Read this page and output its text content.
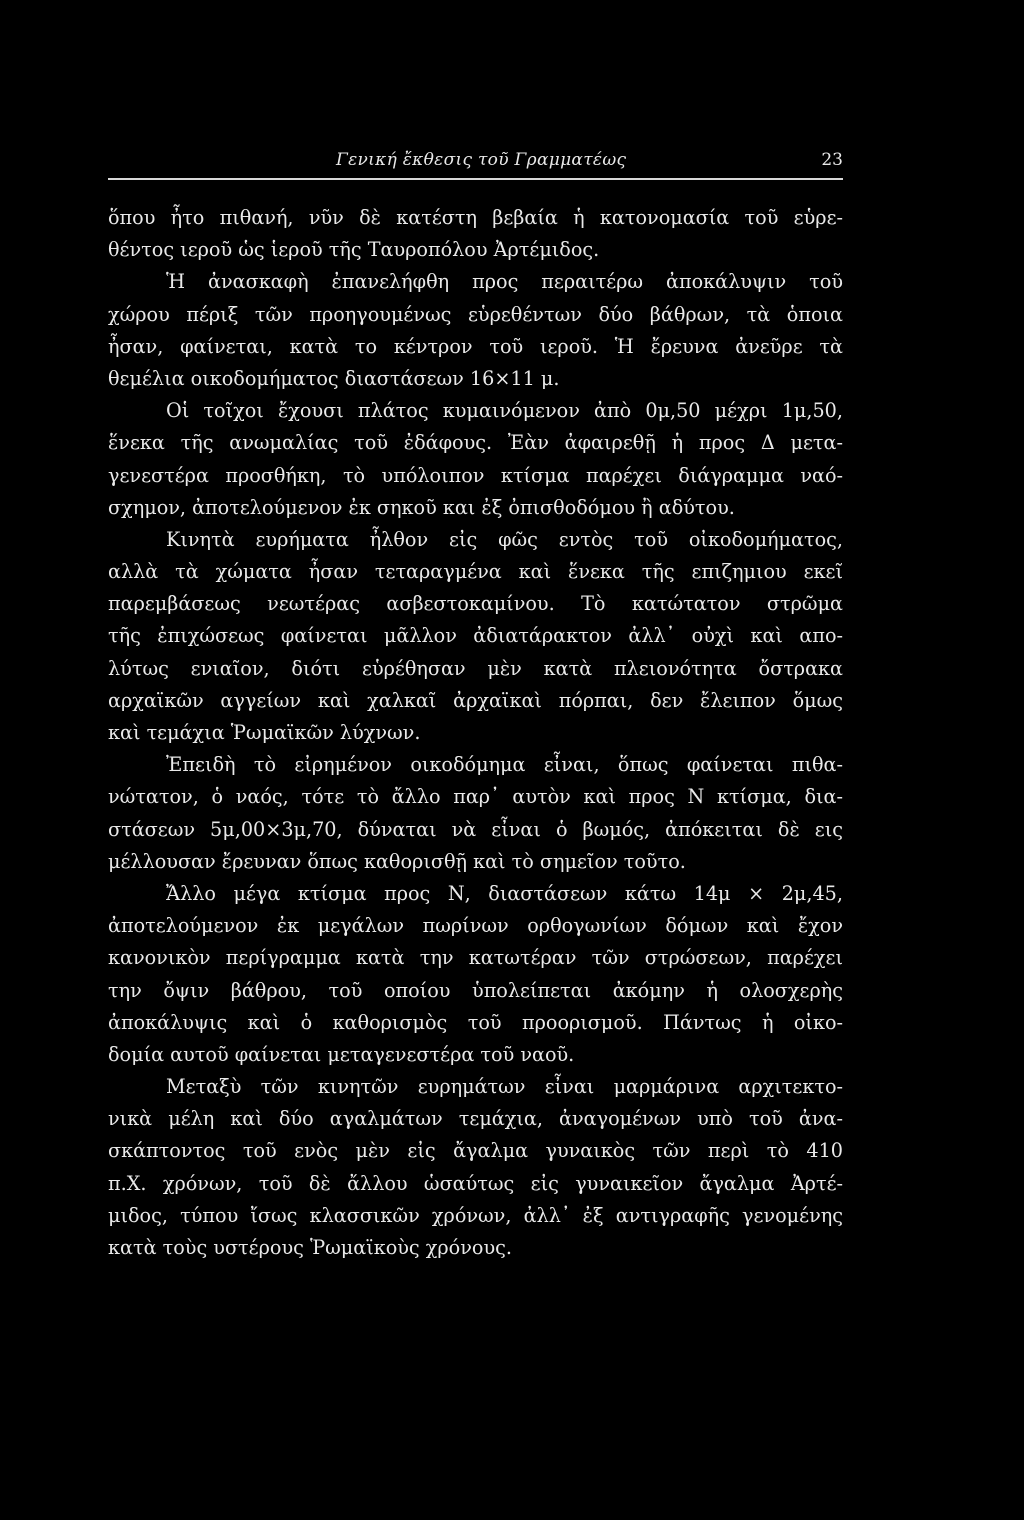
Γενική ἔκθεσις τοῦ Γραμματέως	23
ὅπου ἦτο πιθανή, νῦν δὲ κατέστη βεβαία ἡ κατονομασία τοῦ εὑρε-
θέντος ιεροῦ ὡς ἱεροῦ τῆς Ταυροπόλου Ἀρτέμιδος.
Ἡ ἀνασκαφὴ ἐπανελήφθη προς περαιτέρω ἀποκάλυψιν τοῦ
χώρου πέριξ τῶν προηγουμένως εὑρεθέντων δύο βάθρων, τὰ ὁποια
ἦσαν, φαίνεται, κατὰ το κέντρον τοῦ ιεροῦ. Ἡ ἔρευνα ἀνεῦρε τὰ
θεμέλια οικοδομήματος διαστάσεων 16×11 μ.
Οἱ τοῖχοι ἔχουσι πλάτος κυμαινόμενον ἀπὸ 0μ,50 μέχρι 1μ,50,
ἕνεκα τῆς ανωμαλίας τοῦ ἐδάφους. Ἐὰν ἀφαιρεθῇ ἡ προς Δ μετα-
γενεστέρα προσθήκη, τὸ υπόλοιπον κτίσμα παρέχει διάγραμμα ναό-
σχημον, ἀποτελούμενον ἐκ σηκοῦ και ἐξ ὀπισθοδόμου ἢ αδύτου.
Κινητὰ ευρήματα ἦλθον εἰς φῶς εντὸς τοῦ οἰκοδομήματος,
αλλὰ τὰ χώματα ἦσαν τεταραγμένα καὶ ἕνεκα τῆς επιζημιου εκεῖ
παρεμβάσεως νεωτέρας ασβεστοκαμίνου. Τὸ κατώτατον στρῶμα
τῆς ἐπιχώσεως φαίνεται μᾶλλον ἀδιατάρακτον ἀλλ᾽ οὐχὶ καὶ απο-
λύτως ενιαῖον, διότι εὑρέθησαν μὲν κατὰ πλειονότητα ὄστρακα
αρχαϊκῶν αγγείων καὶ χαλκαῖ ἀρχαϊκαὶ πόρπαι, δεν ἔλειπον ὅμως
καὶ τεμάχια Ῥωμαϊκῶν λύχνων.
Ἐπειδὴ τὸ εἰρημένον οικοδόμημα εἶναι, ὅπως φαίνεται πιθα-
νώτατον, ὁ ναός, τότε τὸ ἄλλο παρ᾽ αυτὸν καὶ προς Ν κτίσμα, δια-
στάσεων 5μ,00×3μ,70, δύναται νὰ εἶναι ὁ βωμός, ἀπόκειται δὲ εις
μέλλουσαν ἔρευναν ὅπως καθορισθῇ καὶ τὸ σημεῖον τοῦτο.
Ἄλλο μέγα κτίσμα προς Ν, διαστάσεων κάτω 14μ × 2μ,45,
ἀποτελούμενον ἐκ μεγάλων πωρίνων ορθογωνίων δόμων καὶ ἔχον
κανονικὸν περίγραμμα κατὰ την κατωτέραν τῶν στρώσεων, παρέχει
την ὄψιν βάθρου, τοῦ οποίου ὑπολείπεται ἀκόμην ἡ ολοσχερὴς
ἀποκάλυψις καὶ ὁ καθορισμὸς τοῦ προορισμοῦ. Πάντως ἡ οἰκο-
δομία αυτοῦ φαίνεται μεταγενεστέρα τοῦ ναοῦ.
Μεταξὺ τῶν κινητῶν ευρημάτων εἶναι μαρμάρινα αρχιτεκτο-
νικὰ μέλη καὶ δύο αγαλμάτων τεμάχια, ἀναγομένων υπὸ τοῦ ἀνα-
σκάπτοντος τοῦ ενὸς μὲν εἰς ἄγαλμα γυναικὸς τῶν περὶ τὸ 410
π.Χ. χρόνων, τοῦ δὲ ἄλλου ὡσαύτως εἰς γυναικεῖον ἄγαλμα Ἀρτέ-
μιδος, τύπου ἴσως κλασσικῶν χρόνων, ἀλλ᾽ ἐξ αντιγραφῆς γενομένης
κατὰ τοὺς υστέρους Ῥωμαϊκοὺς χρόνους.
